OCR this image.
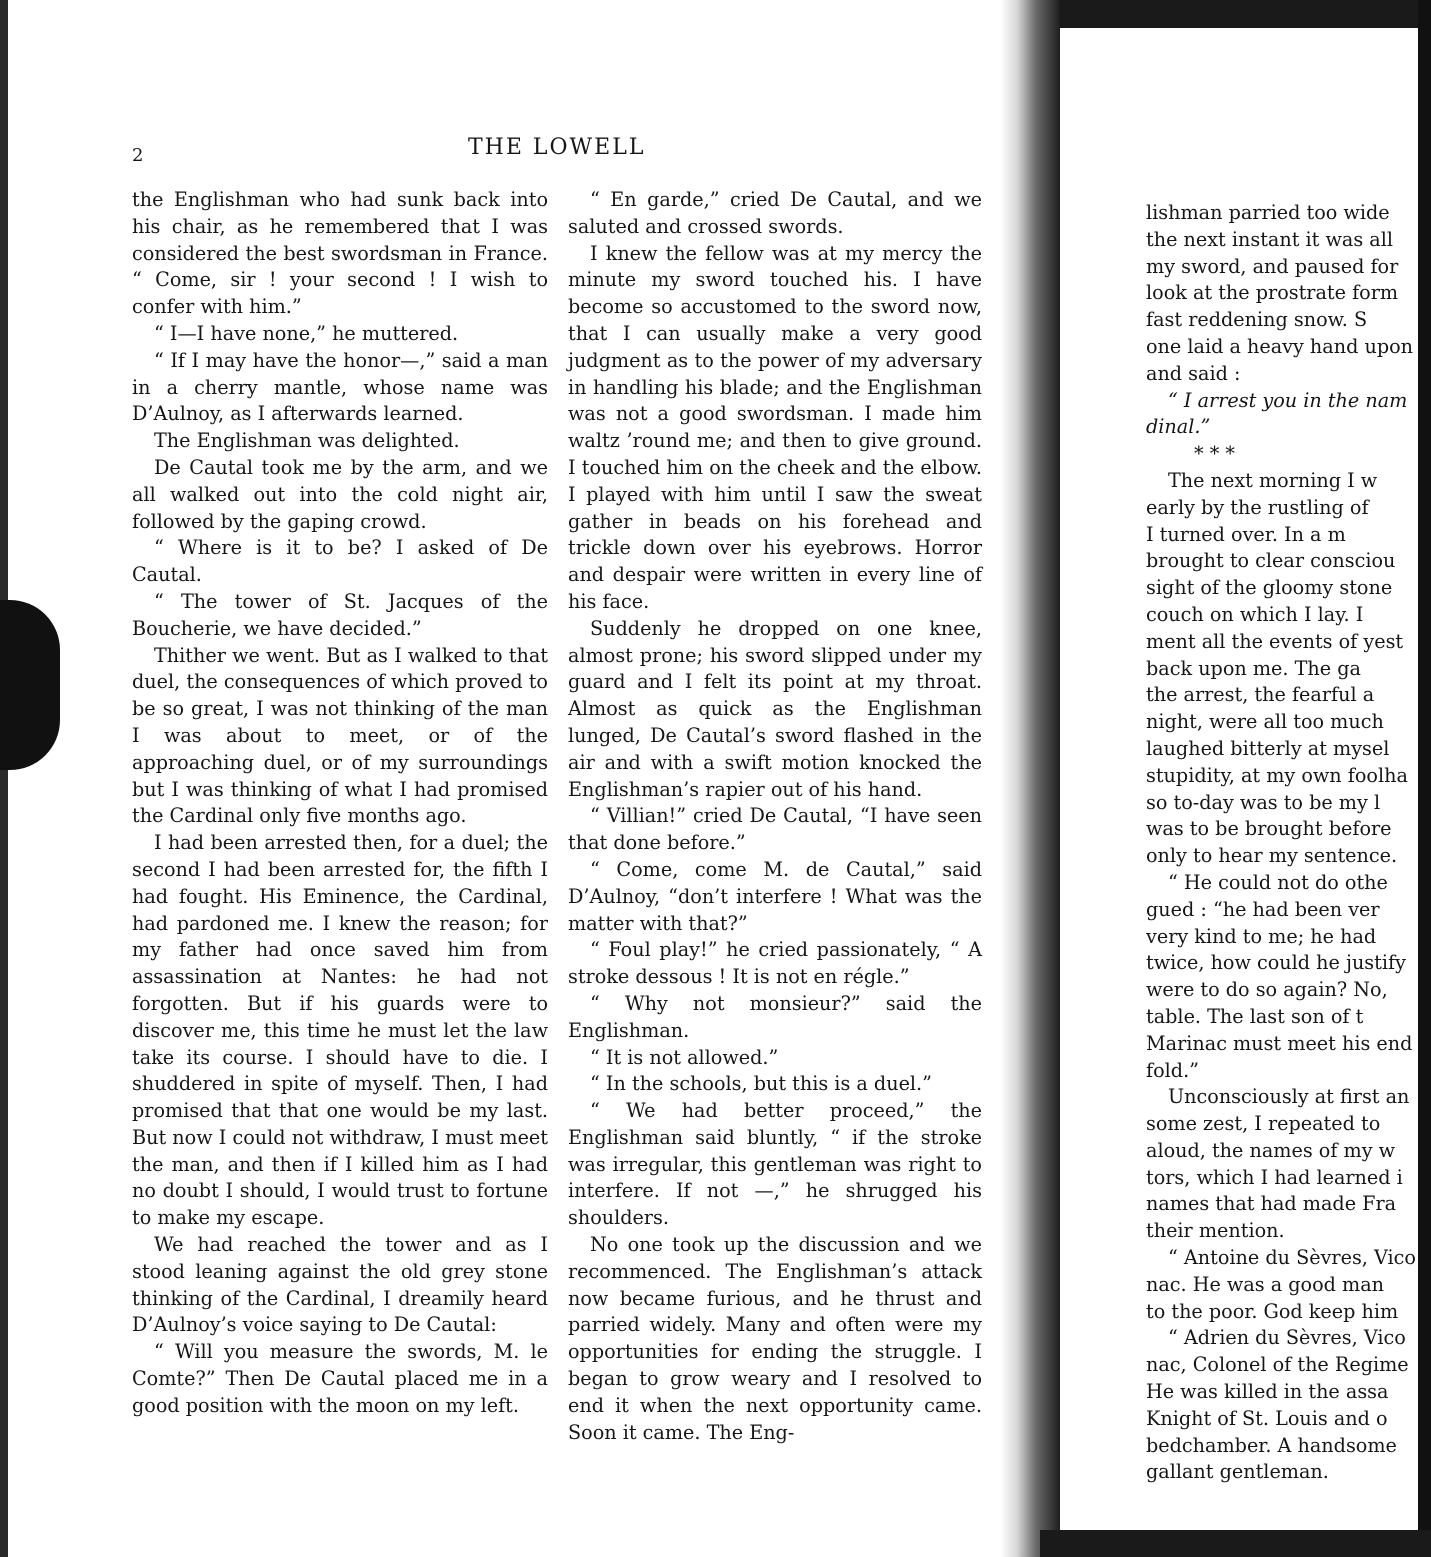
2	THE LOWELL

the Englishman who had sunk back into his chair, as he remembered that I was considered the best swordsman in France. “ Come, sir ! your second ! I wish to confer with him.”

“ I—I have none,” he muttered.

“ If I may have the honor—,” said a man in a cherry mantle, whose name was D’Aulnoy, as I afterwards learned.

The Englishman was delighted.

De Cautal took me by the arm, and we all walked out into the cold night air, followed by the gaping crowd.

“ Where is it to be? I asked of De Cautal.

“ The tower of St. Jacques of the Boucherie, we have decided.”

Thither we went. But as I walked to that duel, the consequences of which proved to be so great, I was not thinking of the man I was about to meet, or of the approaching duel, or of my surroundings but I was thinking of what I had promised the Cardinal only five months ago.

I had been arrested then, for a duel; the second I had been arrested for, the fifth I had fought. His Eminence, the Cardinal, had pardoned me. I knew the reason; for my father had once saved him from assassination at Nantes: he had not forgotten. But if his guards were to discover me, this time he must let the law take its course. I should have to die. I shuddered in spite of myself. Then, I had promised that that one would be my last. But now I could not withdraw, I must meet the man, and then if I killed him as I had no doubt I should, I would trust to fortune to make my escape.

We had reached the tower and as I stood leaning against the old grey stone thinking of the Cardinal, I dreamily heard D’Aulnoy’s voice saying to De Cautal:

“ Will you measure the swords, M. le Comte?” Then De Cautal placed me in a good position with the moon on my left.

“ En garde,” cried De Cautal, and we saluted and crossed swords.

I knew the fellow was at my mercy the minute my sword touched his. I have become so accustomed to the sword now, that I can usually make a very good judgment as to the power of my adversary in handling his blade; and the Englishman was not a good swordsman. I made him waltz ’round me; and then to give ground. I touched him on the cheek and the elbow. I played with him until I saw the sweat gather in beads on his forehead and trickle down over his eyebrows. Horror and despair were written in every line of his face.

Suddenly he dropped on one knee, almost prone; his sword slipped under my guard and I felt its point at my throat. Almost as quick as the Englishman lunged, De Cautal’s sword flashed in the air and with a swift motion knocked the Englishman’s rapier out of his hand.

“ Villian!” cried De Cautal, “I have seen that done before.”

“ Come, come M. de Cautal,” said D’Aulnoy, “don’t interfere ! What was the matter with that?”

“ Foul play!” he cried passionately, “ A stroke dessous ! It is not en régle.”

“ Why not monsieur?” said the Englishman.

“ It is not allowed.”

“ In the schools, but this is a duel.”

“ We had better proceed,” the Englishman said bluntly, “ if the stroke was irregular, this gentleman was right to interfere. If not —,” he shrugged his shoulders.

No one took up the discussion and we recommenced. The Englishman’s attack now became furious, and he thrust and parried widely. Many and often were my opportunities for ending the struggle. I began to grow weary and I resolved to end it when the next opportunity came. Soon it came. The Eng-

lishman parried too wide

the next instant it was all

my sword, and paused for

look at the prostrate form

fast reddening snow. S

one laid a heavy hand upon

and said :

“ I arrest you in the nam

dinal.”

* * *

The next morning I w

early by the rustling of

I turned over. In a m

brought to clear consciou

sight of the gloomy stone

couch on which I lay. I

ment all the events of yest

back upon me. The ga

the arrest, the fearful a

night, were all too much

laughed bitterly at mysel

stupidity, at my own foolha

so to-day was to be my l

was to be brought before

only to hear my sentence.

“ He could not do othe

gued : “he had been ver

very kind to me; he had

twice, how could he justify

were to do so again? No,

table. The last son of t

Marinac must meet his end

fold.”

Unconsciously at first an

some zest, I repeated to

aloud, the names of my w

tors, which I had learned i

names that had made Fra

their mention.

“ Antoine du Sèvres, Vico

nac. He was a good man

to the poor. God keep him

“ Adrien du Sèvres, Vico

nac, Colonel of the Regime

He was killed in the assa

Knight of St. Louis and o

bedchamber. A handsome

gallant gentleman.
